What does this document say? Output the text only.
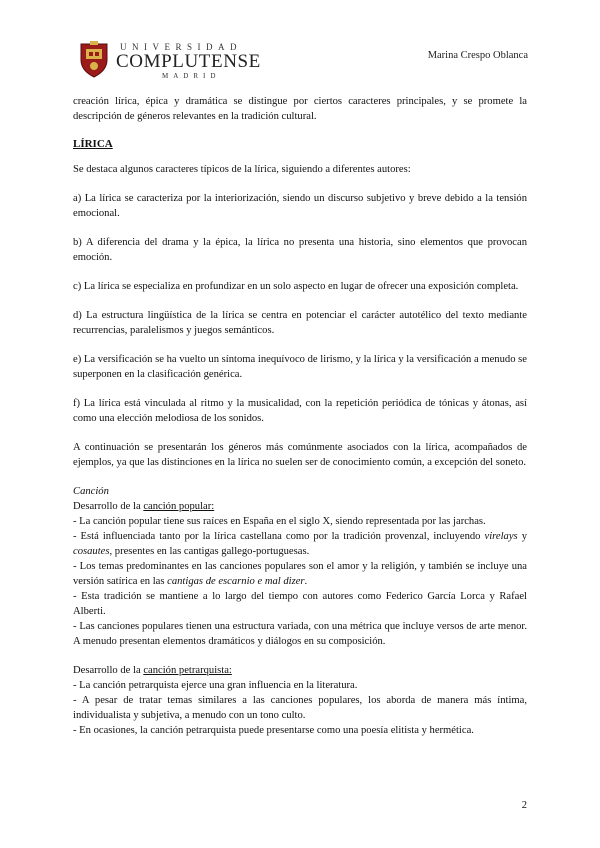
UNIVERSIDAD
COMPLUTENSE
MADRID
Marina Crespo Oblanca

creación lírica, épica y dramática se distingue por ciertos caracteres principales, y se promete la descripción de géneros relevantes en la tradición cultural.

LÍRICA

Se destaca algunos caracteres típicos de la lírica, siguiendo a diferentes autores:

a) La lírica se caracteriza por la interiorización, siendo un discurso subjetivo y breve debido a la tensión emocional.

b) A diferencia del drama y la épica, la lírica no presenta una historia, sino elementos que provocan emoción.

c) La lírica se especializa en profundizar en un solo aspecto en lugar de ofrecer una exposición completa.

d) La estructura lingüística de la lírica se centra en potenciar el carácter autotélico del texto mediante recurrencias, paralelismos y juegos semánticos.

e) La versificación se ha vuelto un síntoma inequívoco de lirismo, y la lírica y la versificación a menudo se superponen en la clasificación genérica.

f) La lírica está vinculada al ritmo y la musicalidad, con la repetición periódica de tónicas y átonas, así como una elección melodiosa de los sonidos.

A continuación se presentarán los géneros más comúnmente asociados con la lírica, acompañados de ejemplos, ya que las distinciones en la lírica no suelen ser de conocimiento común, a excepción del soneto.

Canción

Desarrollo de la canción popular:

- La canción popular tiene sus raíces en España en el siglo X, siendo representada por las jarchas.

- Está influenciada tanto por la lírica castellana como por la tradición provenzal, incluyendo virelays y cosautes, presentes en las cantigas gallego-portuguesas.

- Los temas predominantes en las canciones populares son el amor y la religión, y también se incluye una versión satírica en las cantigas de escarnio e mal dizer.

- Esta tradición se mantiene a lo largo del tiempo con autores como Federico García Lorca y Rafael Alberti.

- Las canciones populares tienen una estructura variada, con una métrica que incluye versos de arte menor. A menudo presentan elementos dramáticos y diálogos en su composición.

Desarrollo de la canción petrarquista:

- La canción petrarquista ejerce una gran influencia en la literatura.

- A pesar de tratar temas similares a las canciones populares, los aborda de manera más íntima, individualista y subjetiva, a menudo con un tono culto.

- En ocasiones, la canción petrarquista puede presentarse como una poesía elitista y hermética.

2
